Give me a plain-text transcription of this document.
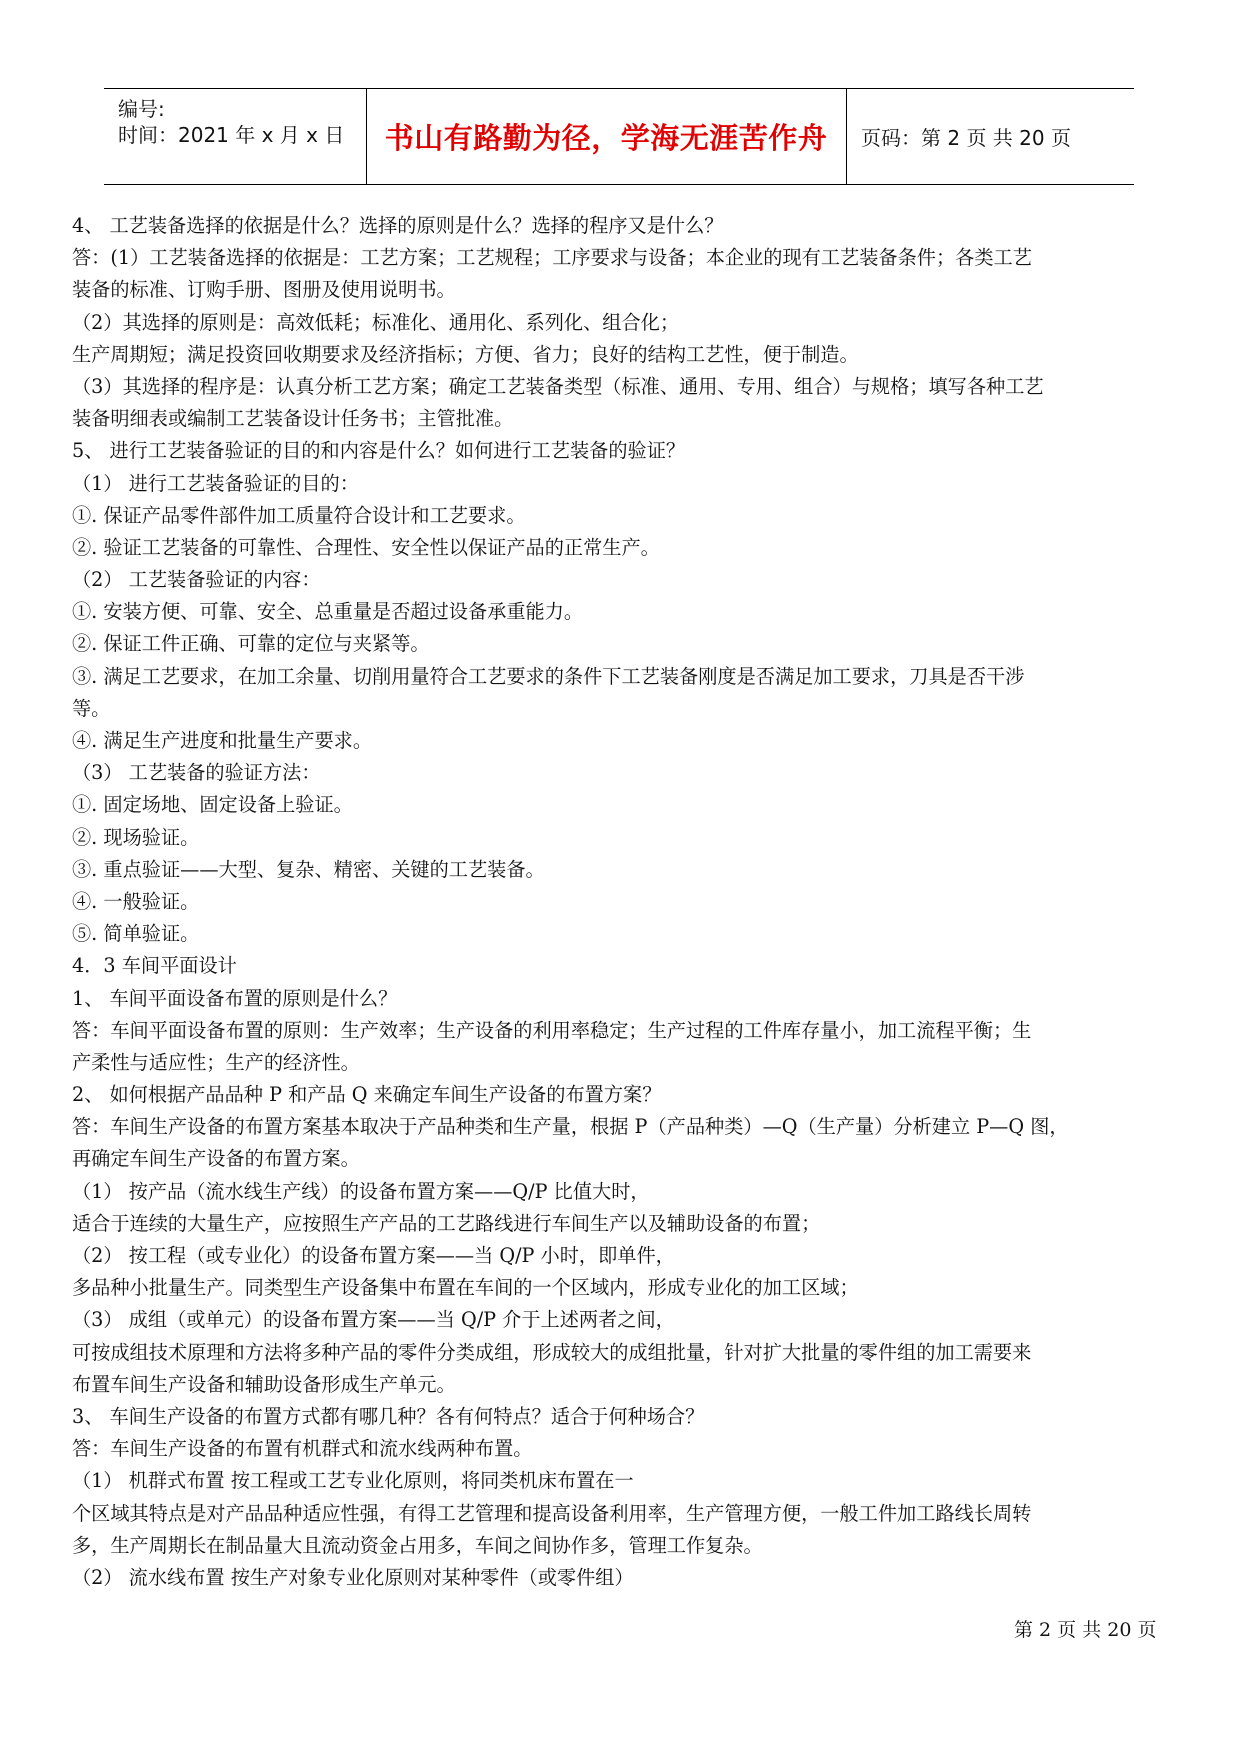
编号:
时间：2021 年 x 月 x 日 书山有路勤为径，学海无涯苦作舟 页码：第 2 页 共 20 页
4、 工艺装备选择的依据是什么？选择的原则是什么？选择的程序又是什么？
答：(1）工艺装备选择的依据是：工艺方案；工艺规程；工序要求与设备；本企业的现有工艺装备条件；各类工艺
装备的标准、订购手册、图册及使用说明书。
（2）其选择的原则是：高效低耗；标准化、通用化、系列化、组合化；
生产周期短；满足投资回收期要求及经济指标；方便、省力；良好的结构工艺性，便于制造。
（3）其选择的程序是：认真分析工艺方案；确定工艺装备类型（标准、通用、专用、组合）与规格；填写各种工艺
装备明细表或编制工艺装备设计任务书；主管批准。
5、 进行工艺装备验证的目的和内容是什么？如何进行工艺装备的验证？
（1） 进行工艺装备验证的目的：
①. 保证产品零件部件加工质量符合设计和工艺要求。
②. 验证工艺装备的可靠性、合理性、安全性以保证产品的正常生产。
（2） 工艺装备验证的内容：
①. 安装方便、可靠、安全、总重量是否超过设备承重能力。
②. 保证工件正确、可靠的定位与夹紧等。
③. 满足工艺要求，在加工余量、切削用量符合工艺要求的条件下工艺装备刚度是否满足加工要求，刀具是否干涉
等。
④. 满足生产进度和批量生产要求。
（3） 工艺装备的验证方法：
①. 固定场地、固定设备上验证。
②. 现场验证。
③. 重点验证——大型、复杂、精密、关键的工艺装备。
④. 一般验证。
⑤. 简单验证。
4．3 车间平面设计
1、 车间平面设备布置的原则是什么？
答：车间平面设备布置的原则：生产效率；生产设备的利用率稳定；生产过程的工件库存量小，加工流程平衡；生
产柔性与适应性；生产的经济性。
2、 如何根据产品品种 P 和产品 Q 来确定车间生产设备的布置方案？
答：车间生产设备的布置方案基本取决于产品种类和生产量，根据 P（产品种类）—Q（生产量）分析建立 P—Q 图，
再确定车间生产设备的布置方案。
（1） 按产品（流水线生产线）的设备布置方案——Q/P 比值大时，
适合于连续的大量生产，应按照生产产品的工艺路线进行车间生产以及辅助设备的布置；
（2） 按工程（或专业化）的设备布置方案——当 Q/P 小时，即单件，
多品种小批量生产。同类型生产设备集中布置在车间的一个区域内，形成专业化的加工区域；
（3） 成组（或单元）的设备布置方案——当 Q/P 介于上述两者之间，
可按成组技术原理和方法将多种产品的零件分类成组，形成较大的成组批量，针对扩大批量的零件组的加工需要来
布置车间生产设备和辅助设备形成生产单元。
3、 车间生产设备的布置方式都有哪几种？各有何特点？适合于何种场合？
答：车间生产设备的布置有机群式和流水线两种布置。
（1） 机群式布置 按工程或工艺专业化原则，将同类机床布置在一
个区域其特点是对产品品种适应性强，有得工艺管理和提高设备利用率，生产管理方便，一般工件加工路线长周转
多，生产周期长在制品量大且流动资金占用多，车间之间协作多，管理工作复杂。
（2） 流水线布置 按生产对象专业化原则对某种零件（或零件组）
第 2 页 共 20 页
